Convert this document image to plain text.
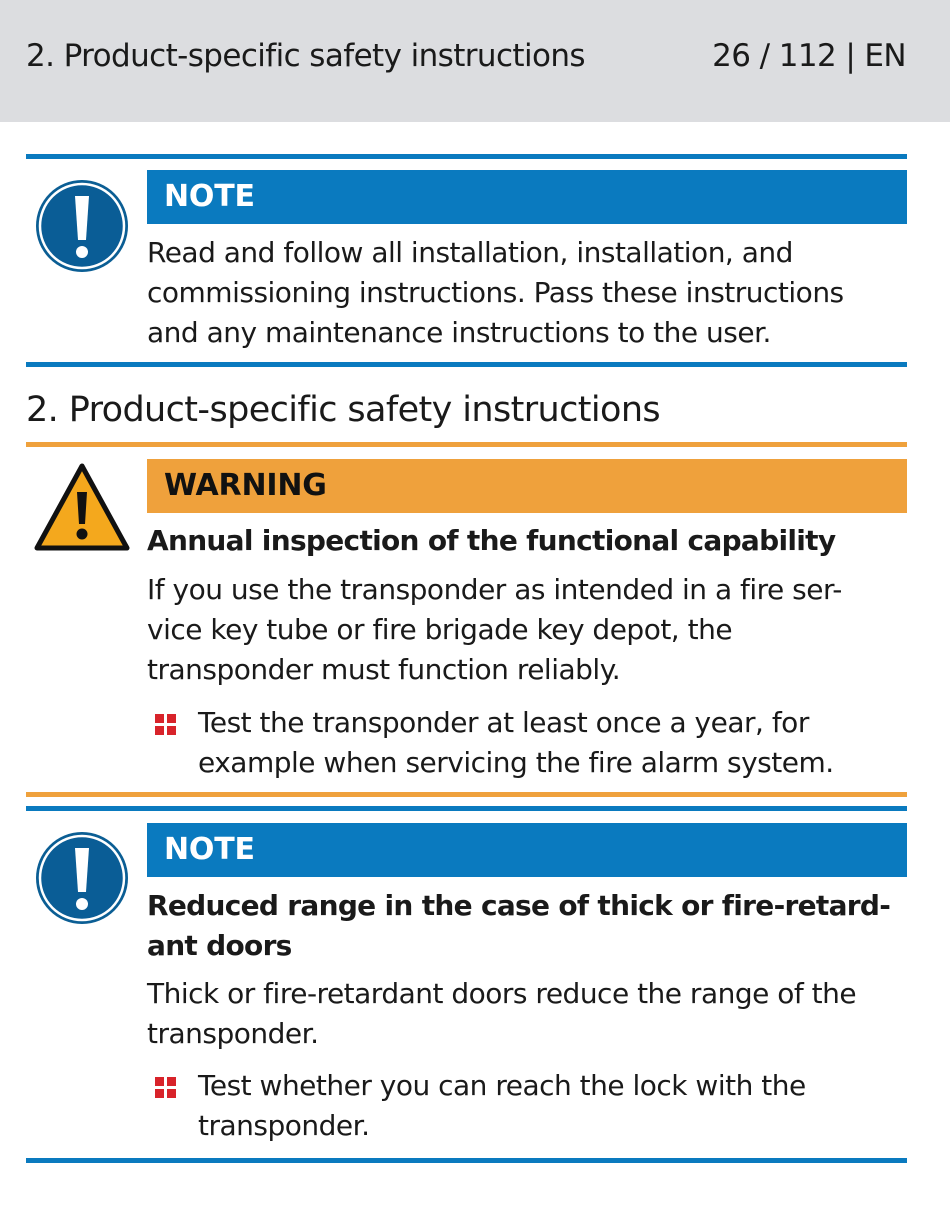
2. Product-specific safety instructions	26 / 112 | EN
NOTE
Read and follow all installation, installation, and
commissioning instructions. Pass these instructions
and any maintenance instructions to the user.
2. Product-specific safety instructions
WARNING
Annual inspection of the functional capability
If you use the transponder as intended in a fire ser-
vice key tube or fire brigade key depot, the
transponder must function reliably.
Test the transponder at least once a year, for
example when servicing the fire alarm system.
NOTE
Reduced range in the case of thick or fire-retard-
ant doors
Thick or fire-retardant doors reduce the range of the
transponder.
Test whether you can reach the lock with the
transponder.
